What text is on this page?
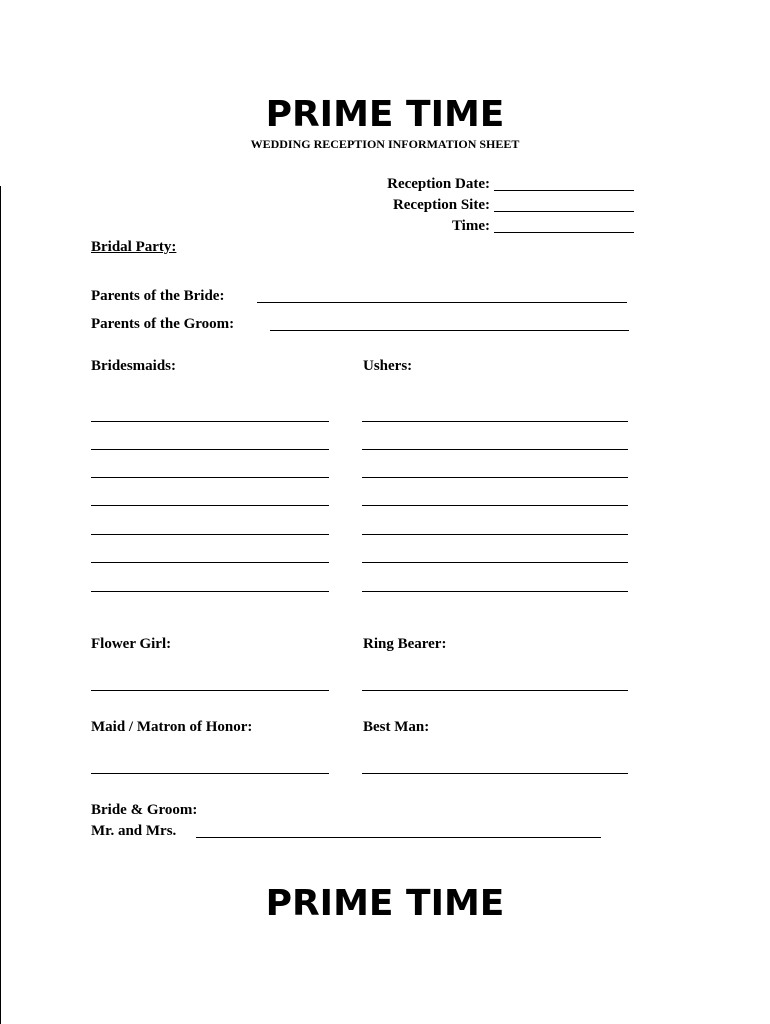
PRIME TIME
WEDDING RECEPTION INFORMATION SHEET
Reception Date:
Reception Site:
Time:
Bridal Party:
Parents of the Bride:
Parents of the Groom:
Bridesmaids:	Ushers:
Flower Girl:	Ring Bearer:
Maid / Matron of Honor:	Best Man:
Bride & Groom:
Mr. and Mrs.
PRIME TIME
